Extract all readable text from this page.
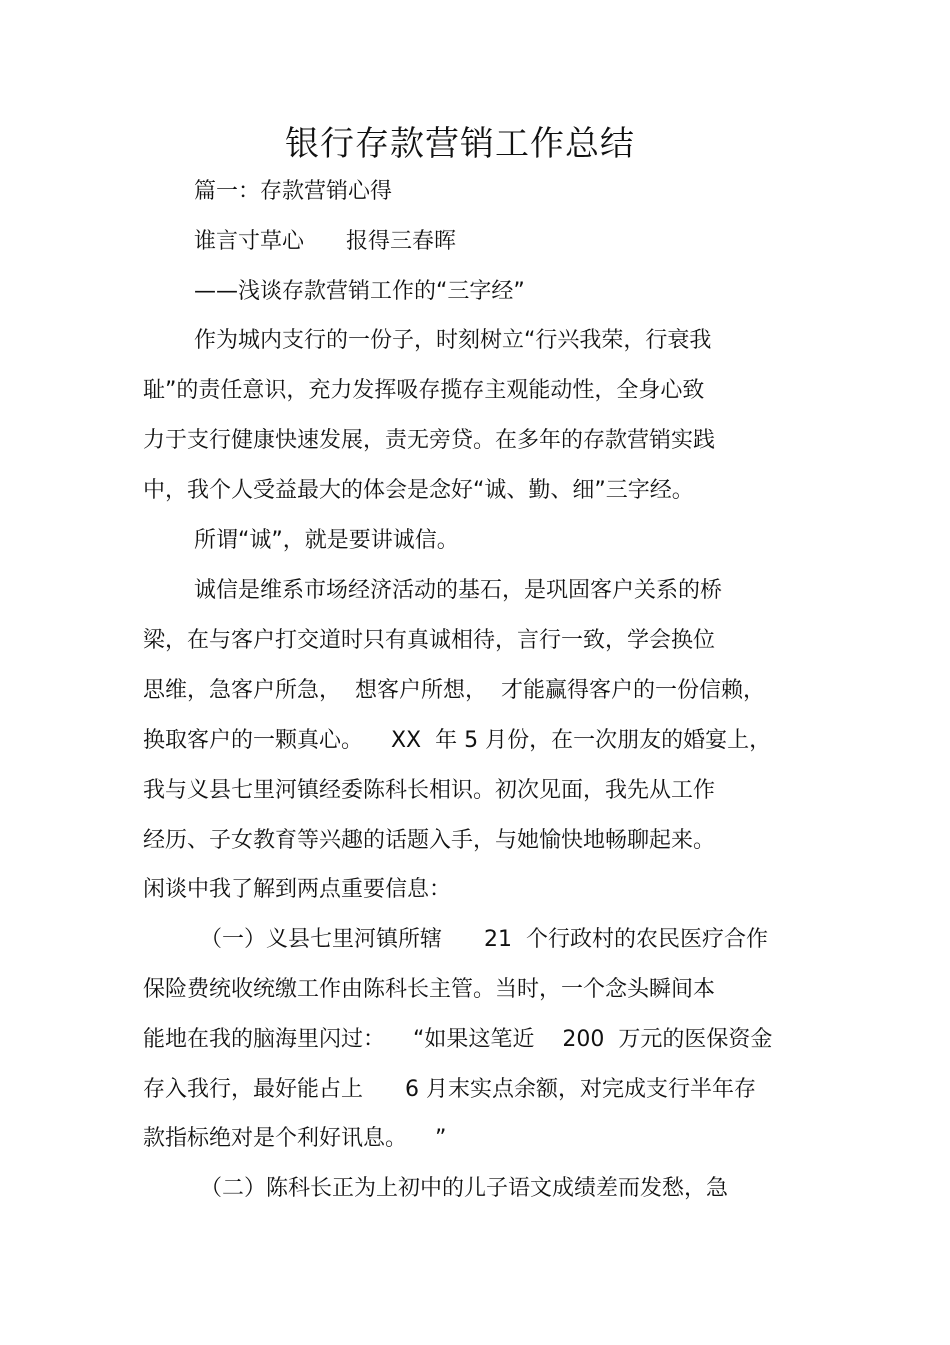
银行存款营销工作总结
篇一：存款营销心得
谁言寸草心      报得三春晖
——浅谈存款营销工作的“三字经”
作为城内支行的一份子，时刻树立“行兴我荣，行衰我
耻”的责任意识，充力发挥吸存揽存主观能动性，全身心致
力于支行健康快速发展，责无旁贷。在多年的存款营销实践
中，我个人受益最大的体会是念好“诚、勤、细”三字经。
所谓“诚”，就是要讲诚信。
诚信是维系市场经济活动的基石，是巩固客户关系的桥
梁，在与客户打交道时只有真诚相待，言行一致，学会换位
思维，急客户所急，  想客户所想，  才能赢得客户的一份信赖，
换取客户的一颗真心。    XX  年 5 月份，在一次朋友的婚宴上，
我与义县七里河镇经委陈科长相识。初次见面，我先从工作
经历、子女教育等兴趣的话题入手，与她愉快地畅聊起来。
闲谈中我了解到两点重要信息：
（一）义县七里河镇所辖      21  个行政村的农民医疗合作
保险费统收统缴工作由陈科长主管。当时，一个念头瞬间本
能地在我的脑海里闪过：    “如果这笔近    200  万元的医保资金
存入我行，最好能占上      6 月末实点余额，对完成支行半年存
款指标绝对是个利好讯息。    ”
（二）陈科长正为上初中的儿子语文成绩差而发愁，急
